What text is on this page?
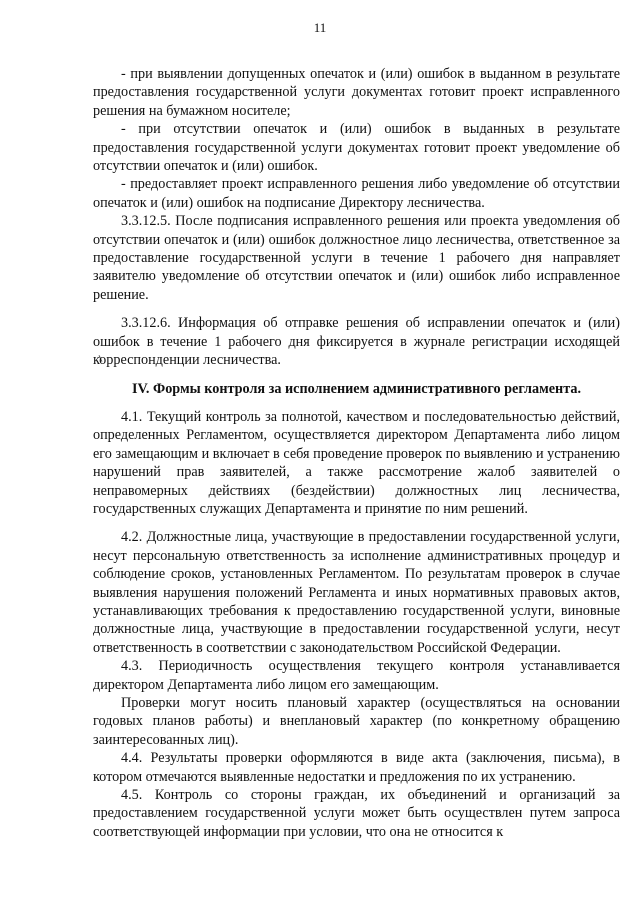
11

- при выявлении допущенных опечаток и (или) ошибок в выданном в результате предоставления государственной услуги документах готовит проект исправленного решения на бумажном носителе;

- при отсутствии опечаток и (или) ошибок в выданных в результате предоставления государственной услуги документах готовит проект уведомление об отсутствии опечаток и (или) ошибок.

- предоставляет проект исправленного решения либо уведомление об отсутствии опечаток и (или) ошибок на подписание Директору лесничества.

3.3.12.5. После подписания исправленного решения или проекта уведомления об отсутствии опечаток и (или) ошибок должностное лицо лесничества, ответственное за предоставление государственной услуги в течение 1 рабочего дня направляет заявителю уведомление об отсутствии опечаток и (или) ошибок либо исправленное решение.

3.3.12.6. Информация об отправке решения об исправлении опечаток и (или) ошибок в течение 1 рабочего дня фиксируется в журнале регистрации исходящей корреспонденции лесничества.

IV. Формы контроля за исполнением административного регламента.

4.1. Текущий контроль за полнотой, качеством и последовательностью действий, определенных Регламентом, осуществляется директором Департамента либо лицом его замещающим и включает в себя проведение проверок по выявлению и устранению нарушений прав заявителей, а также рассмотрение жалоб заявителей о неправомерных действиях (бездействии) должностных лиц лесничества, государственных служащих Департамента и принятие по ним решений.

4.2. Должностные лица, участвующие в предоставлении государственной услуги, несут персональную ответственность за исполнение административных процедур и соблюдение сроков, установленных Регламентом. По результатам проверок в случае выявления нарушения положений Регламента и иных нормативных правовых актов, устанавливающих требования к предоставлению государственной услуги, виновные должностные лица, участвующие в предоставлении государственной услуги, несут ответственность в соответствии с законодательством Российской Федерации.

4.3. Периодичность осуществления текущего контроля устанавливается директором Департамента либо лицом его замещающим.

Проверки могут носить плановый характер (осуществляться на основании годовых планов работы) и внеплановый характер (по конкретному обращению заинтересованных лиц).

4.4. Результаты проверки оформляются в виде акта (заключения, письма), в котором отмечаются выявленные недостатки и предложения по их устранению.

4.5. Контроль со стороны граждан, их объединений и организаций за предоставлением государственной услуги может быть осуществлен путем запроса соответствующей информации при условии, что она не относится к
